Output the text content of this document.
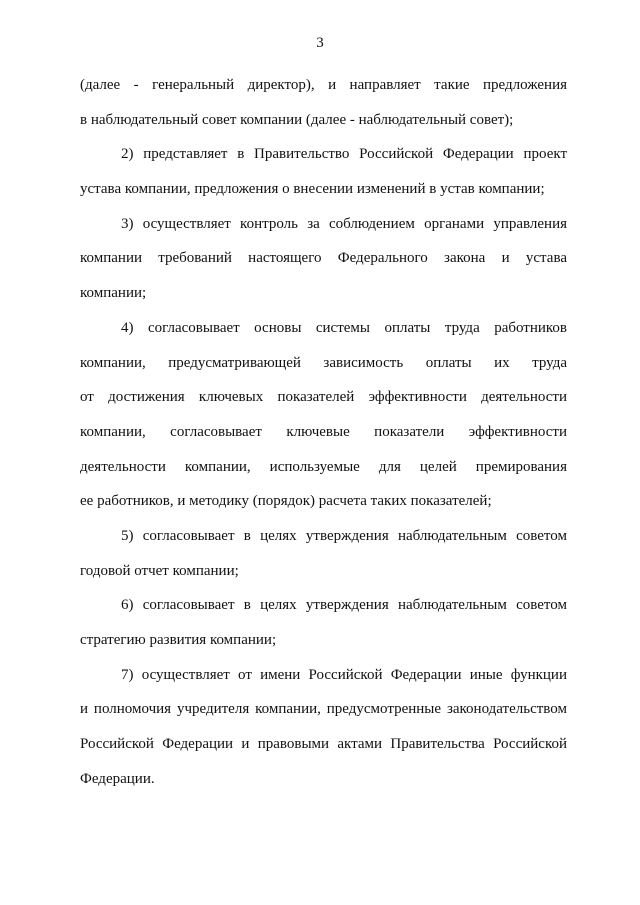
3
(далее - генеральный директор), и направляет такие предложения
в наблюдательный совет компании (далее - наблюдательный совет);
2) представляет в Правительство Российской Федерации проект
устава компании, предложения о внесении изменений в устав компании;
3) осуществляет контроль за соблюдением органами управления
компании требований настоящего Федерального закона и устава
компании;
4) согласовывает основы системы оплаты труда работников
компании, предусматривающей зависимость оплаты их труда
от достижения ключевых показателей эффективности деятельности
компании, согласовывает ключевые показатели эффективности
деятельности компании, используемые для целей премирования
ее работников, и методику (порядок) расчета таких показателей;
5) согласовывает в целях утверждения наблюдательным советом
годовой отчет компании;
6) согласовывает в целях утверждения наблюдательным советом
стратегию развития компании;
7) осуществляет от имени Российской Федерации иные функции
и полномочия учредителя компании, предусмотренные законодательством
Российской Федерации и правовыми актами Правительства Российской
Федерации.
